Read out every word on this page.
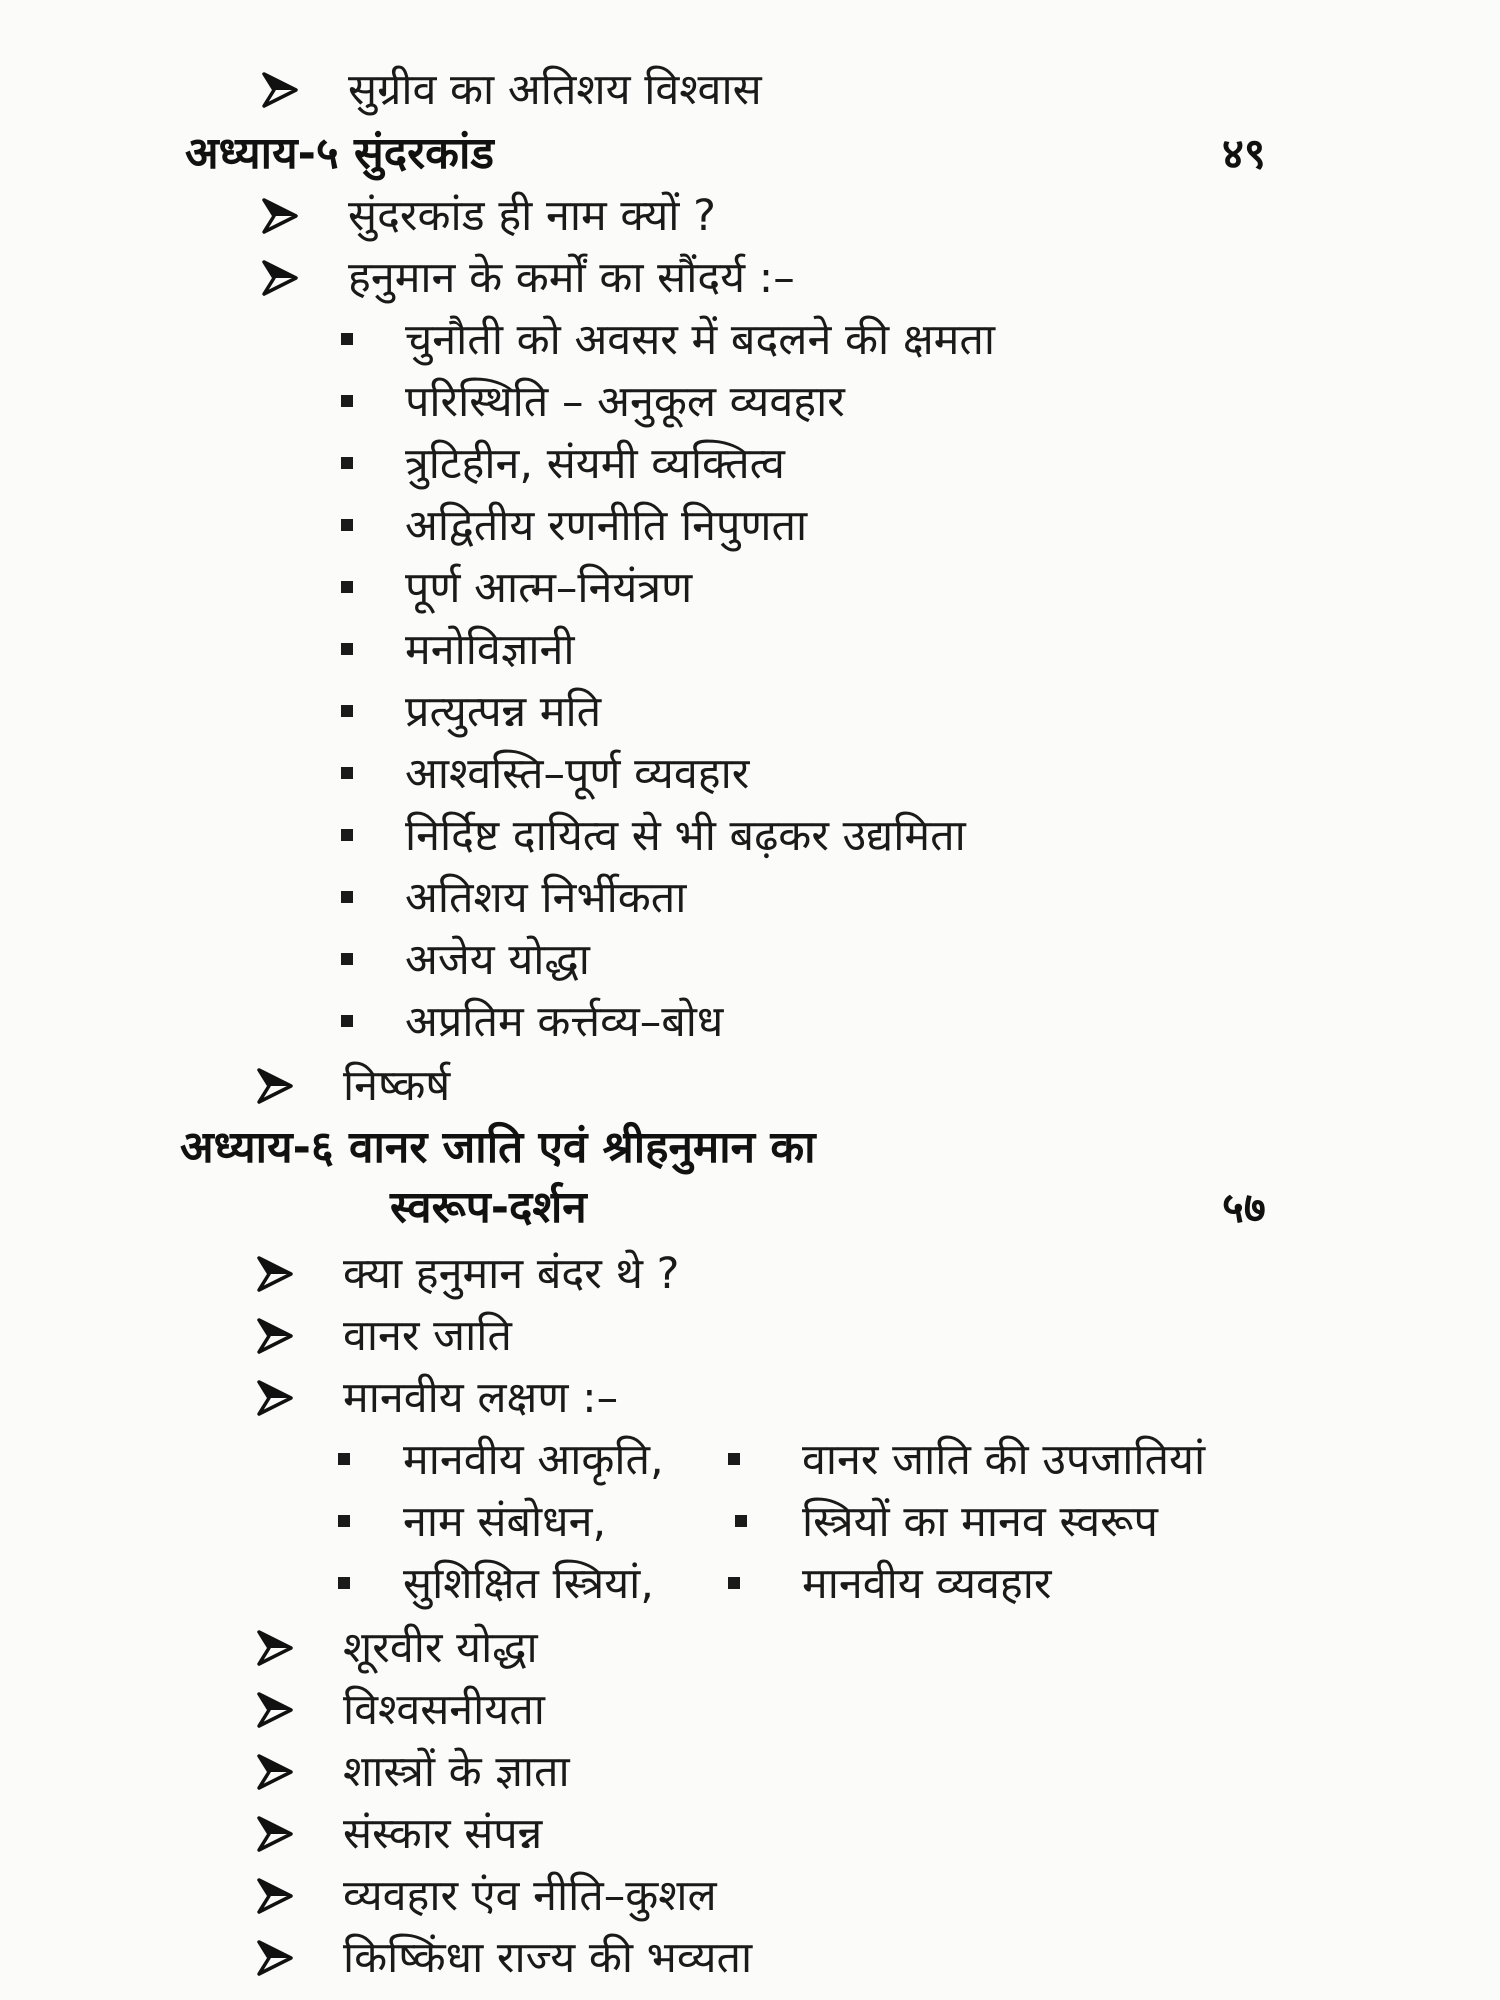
सुग्रीव का अतिशय विश्वास
अध्याय-५ सुंदरकांड	४९
सुंदरकांड ही नाम क्यों ?
हनुमान के कर्मों का सौंदर्य :–
चुनौती को अवसर में बदलने की क्षमता
परिस्थिति – अनुकूल व्यवहार
त्रुटिहीन, संयमी व्यक्तित्व
अद्वितीय रणनीति निपुणता
पूर्ण आत्म–नियंत्रण
मनोविज्ञानी
प्रत्युत्पन्न मति
आश्वस्ति–पूर्ण व्यवहार
निर्दिष्ट दायित्व से भी बढ़कर उद्यमिता
अतिशय निर्भीकता
अजेय योद्धा
अप्रतिम कर्त्तव्य–बोध
निष्कर्ष
अध्याय-६ वानर जाति एवं श्रीहनुमान का
स्वरूप-दर्शन	५७
क्या हनुमान बंदर थे ?
वानर जाति
मानवीय लक्षण :–
मानवीय आकृति,	वानर जाति की उपजातियां
नाम संबोधन,	स्त्रियों का मानव स्वरूप
सुशिक्षित स्त्रियां,	मानवीय व्यवहार
शूरवीर योद्धा
विश्वसनीयता
शास्त्रों के ज्ञाता
संस्कार संपन्न
व्यवहार एंव नीति–कुशल
किष्किंधा राज्य की भव्यता
